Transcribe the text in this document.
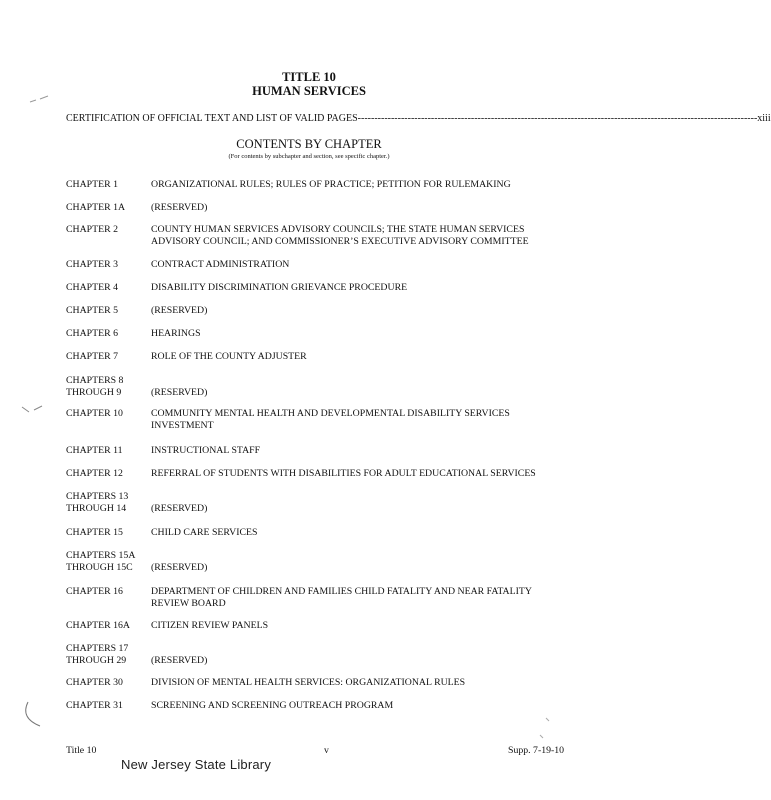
TITLE 10
HUMAN SERVICES
CERTIFICATION OF OFFICIAL TEXT AND LIST OF VALID PAGES ------------------------------------------------------------------------------------------------------------------------ xiii
CONTENTS BY CHAPTER
(For contents by subchapter and section, see specific chapter.)
CHAPTER 1	ORGANIZATIONAL RULES; RULES OF PRACTICE; PETITION FOR RULEMAKING
CHAPTER 1A	(RESERVED)
CHAPTER 2	COUNTY HUMAN SERVICES ADVISORY COUNCILS; THE STATE HUMAN SERVICES ADVISORY COUNCIL; AND COMMISSIONER’S EXECUTIVE ADVISORY COMMITTEE
CHAPTER 3	CONTRACT ADMINISTRATION
CHAPTER 4	DISABILITY DISCRIMINATION GRIEVANCE PROCEDURE
CHAPTER 5	(RESERVED)
CHAPTER 6	HEARINGS
CHAPTER 7	ROLE OF THE COUNTY ADJUSTER
CHAPTERS 8 THROUGH 9	(RESERVED)
CHAPTER 10	COMMUNITY MENTAL HEALTH AND DEVELOPMENTAL DISABILITY SERVICES INVESTMENT
CHAPTER 11	INSTRUCTIONAL STAFF
CHAPTER 12	REFERRAL OF STUDENTS WITH DISABILITIES FOR ADULT EDUCATIONAL SERVICES
CHAPTERS 13 THROUGH 14	(RESERVED)
CHAPTER 15	CHILD CARE SERVICES
CHAPTERS 15A THROUGH 15C	(RESERVED)
CHAPTER 16	DEPARTMENT OF CHILDREN AND FAMILIES CHILD FATALITY AND NEAR FATALITY REVIEW BOARD
CHAPTER 16A	CITIZEN REVIEW PANELS
CHAPTERS 17 THROUGH 29	(RESERVED)
CHAPTER 30	DIVISION OF MENTAL HEALTH SERVICES: ORGANIZATIONAL RULES
CHAPTER 31	SCREENING AND SCREENING OUTREACH PROGRAM
Title 10	v	Supp. 7-19-10
New Jersey State Library
